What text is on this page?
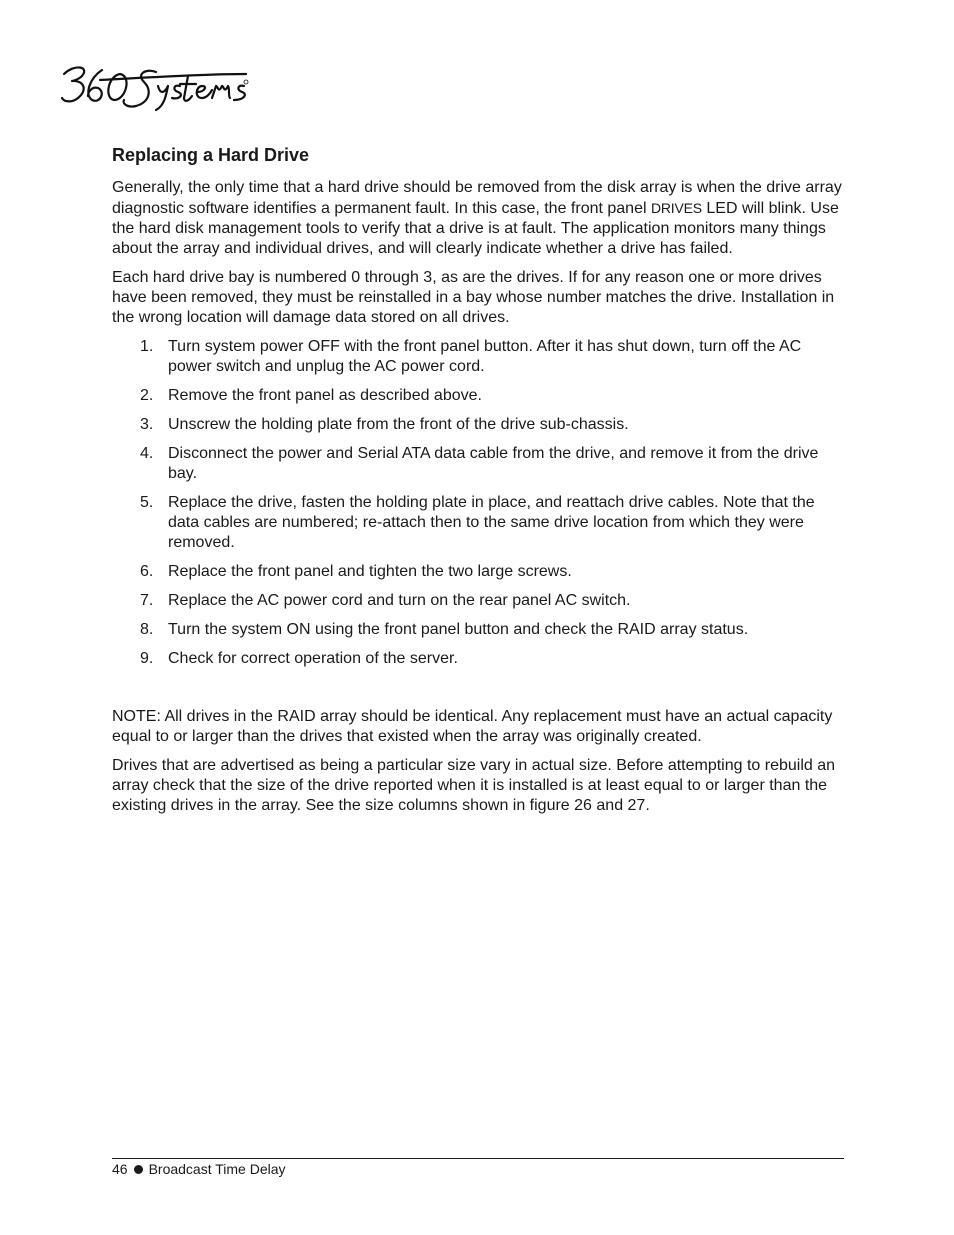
Replacing a Hard Drive

Generally, the only time that a hard drive should be removed from the disk array is when the drive array diagnostic software identifies a permanent fault. In this case, the front panel DRIVES LED will blink. Use the hard disk management tools to verify that a drive is at fault. The application monitors many things about the array and individual drives, and will clearly indicate whether a drive has failed.

Each hard drive bay is numbered 0 through 3, as are the drives. If for any reason one or more drives have been removed, they must be reinstalled in a bay whose number matches the drive. Installation in the wrong location will damage data stored on all drives.

1. Turn system power OFF with the front panel button. After it has shut down, turn off the AC power switch and unplug the AC power cord.
2. Remove the front panel as described above.
3. Unscrew the holding plate from the front of the drive sub-chassis.
4. Disconnect the power and Serial ATA data cable from the drive, and remove it from the drive bay.
5. Replace the drive, fasten the holding plate in place, and reattach drive cables. Note that the data cables are numbered; re-attach then to the same drive location from which they were removed.
6. Replace the front panel and tighten the two large screws.
7. Replace the AC power cord and turn on the rear panel AC switch.
8. Turn the system ON using the front panel button and check the RAID array status.
9. Check for correct operation of the server.

NOTE: All drives in the RAID array should be identical. Any replacement must have an actual capacity equal to or larger than the drives that existed when the array was originally created.

Drives that are advertised as being a particular size vary in actual size. Before attempting to rebuild an array check that the size of the drive reported when it is installed is at least equal to or larger than the existing drives in the array. See the size columns shown in figure 26 and 27.

46 Broadcast Time Delay
